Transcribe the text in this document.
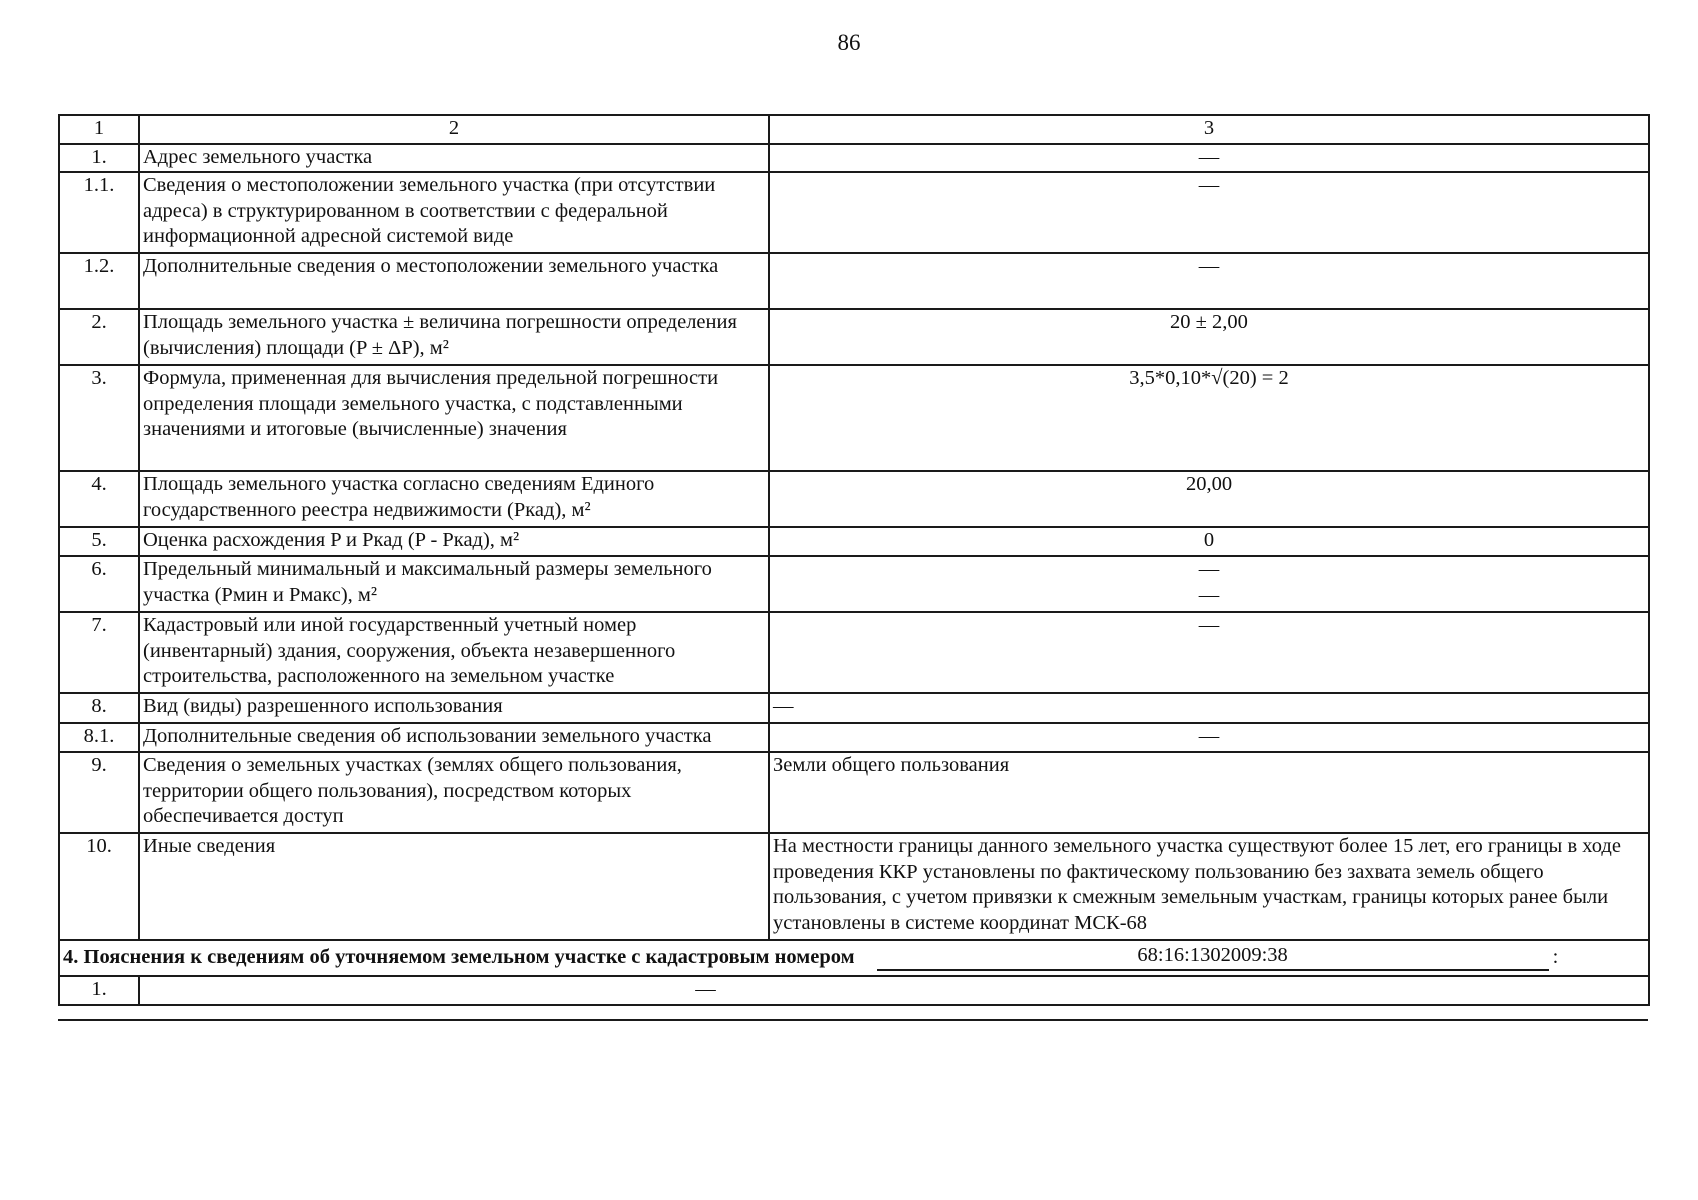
86
1	2	3
1.	Адрес земельного участка	—
1.1.	Сведения о местоположении земельного участка (при отсутствии адреса) в структурированном в соответствии с федеральной информационной адресной системой виде	—
1.2.	Дополнительные сведения о местоположении земельного участка	—
2.	Площадь земельного участка ± величина погрешности определения (вычисления) площади (P ± ΔP), м²	20 ± 2,00
3.	Формула, примененная для вычисления предельной погрешности определения площади земельного участка, с подставленными значениями и итоговые (вычисленные) значения	3,5*0,10*√(20) = 2
4.	Площадь земельного участка согласно сведениям Единого государственного реестра недвижимости (Ркад), м²	20,00
5.	Оценка расхождения P и Ркад (P - Ркад), м²	0
6.	Предельный минимальный и максимальный размеры земельного участка (Рмин и Рмакс), м²	—
—

7.	Кадастровый или иной государственный учетный номер (инвентарный) здания, сооружения, объекта незавершенного строительства, расположенного на земельном участке	—
8.	Вид (виды) разрешенного использования	—
8.1.	Дополнительные сведения об использовании земельного участка	—
9.	Сведения о земельных участках (землях общего пользования, территории общего пользования), посредством которых обеспечивается доступ	Земли общего пользования
10.	Иные сведения	На местности границы данного земельного участка существуют более 15 лет, его границы в ходе проведения ККР установлены по фактическому пользованию без захвата земель общего пользования, с учетом привязки к смежным земельным участкам, границы которых ранее были установлены в системе координат МСК-68

4. Пояснения к сведениям об уточняемом земельном участке с кадастровым номером 68:16:1302009:38 :		

1.	—	
